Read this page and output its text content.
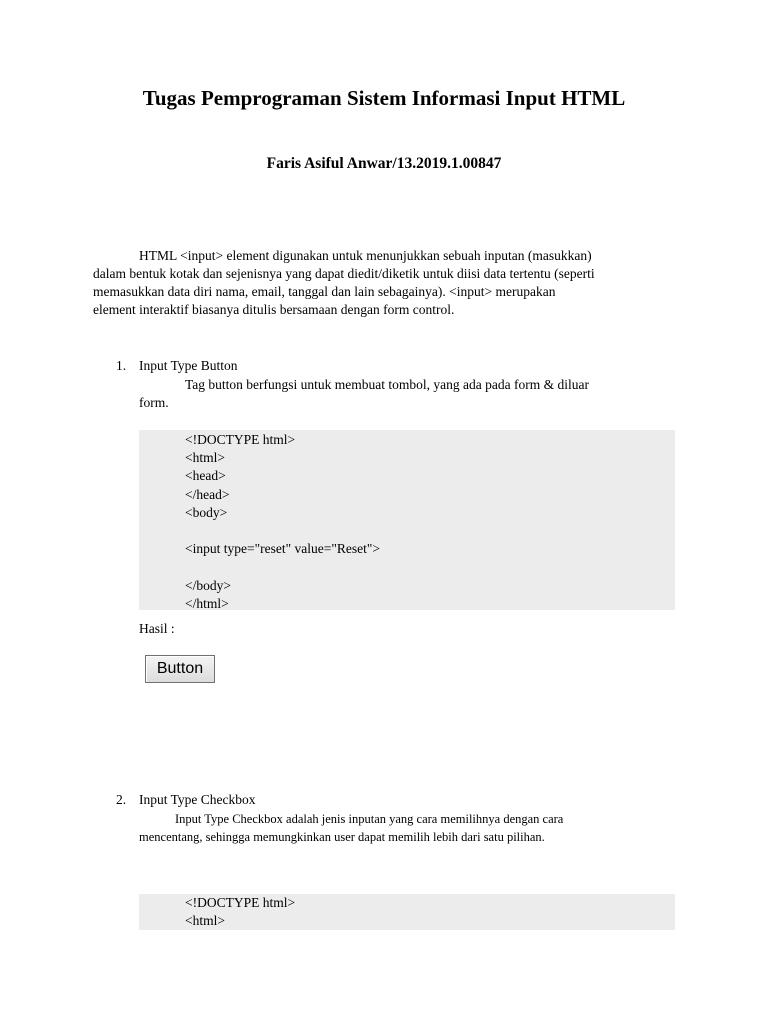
Tugas Pemprograman Sistem Informasi Input HTML
Faris Asiful Anwar/13.2019.1.00847
HTML <input> element digunakan untuk menunjukkan sebuah inputan (masukkan)
dalam bentuk kotak dan sejenisnya yang dapat diedit/diketik untuk diisi data tertentu (seperti
memasukkan data diri nama, email, tanggal dan lain sebagainya). <input> merupakan
element interaktif biasanya ditulis bersamaan dengan form control.
1. Input Type Button
Tag button berfungsi untuk membuat tombol, yang ada pada form & diluar
form.
<!DOCTYPE html>
<html>
<head>
</head>
<body>
<input type="reset" value="Reset">
</body>
</html>
Hasil :
Button
2. Input Type Checkbox
Input Type Checkbox adalah jenis inputan yang cara memilihnya dengan cara
mencentang, sehingga memungkinkan user dapat memilih lebih dari satu pilihan.
<!DOCTYPE html>
<html>
